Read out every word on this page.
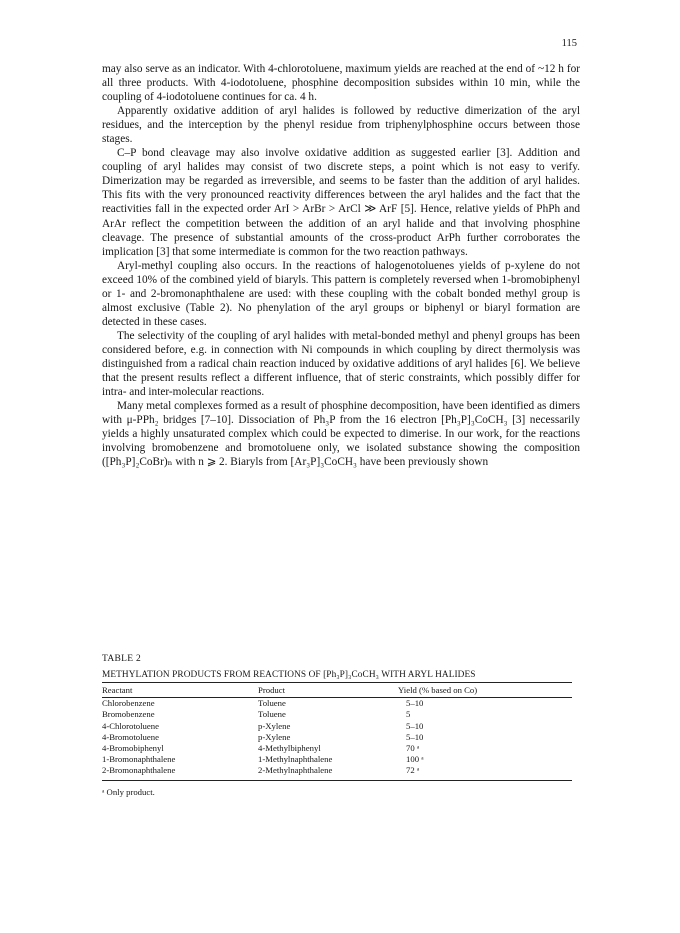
115

may also serve as an indicator. With 4-chlorotoluene, maximum yields are reached at the end of ~12 h for all three products. With 4-iodotoluene, phosphine decomposition subsides within 10 min, while the coupling of 4-iodotoluene continues for ca. 4 h.

Apparently oxidative addition of aryl halides is followed by reductive dimerization of the aryl residues, and the interception by the phenyl residue from triphenylphosphine occurs between those stages.

C–P bond cleavage may also involve oxidative addition as suggested earlier [3]. Addition and coupling of aryl halides may consist of two discrete steps, a point which is not easy to verify. Dimerization may be regarded as irreversible, and seems to be faster than the addition of aryl halides. This fits with the very pronounced reactivity differences between the aryl halides and the fact that the reactivities fall in the expected order ArI > ArBr > ArCl ≫ ArF [5]. Hence, relative yields of PhPh and ArAr reflect the competition between the addition of an aryl halide and that involving phosphine cleavage. The presence of substantial amounts of the cross-product ArPh further corroborates the implication [3] that some intermediate is common for the two reaction pathways.

Aryl-methyl coupling also occurs. In the reactions of halogenotoluenes yields of p-xylene do not exceed 10% of the combined yield of biaryls. This pattern is completely reversed when 1-bromobiphenyl or 1- and 2-bromonaphthalene are used: with these coupling with the cobalt bonded methyl group is almost exclusive (Table 2). No phenylation of the aryl groups or biphenyl or biaryl formation are detected in these cases.

The selectivity of the coupling of aryl halides with metal-bonded methyl and phenyl groups has been considered before, e.g. in connection with Ni compounds in which coupling by direct thermolysis was distinguished from a radical chain reaction induced by oxidative additions of aryl halides [6]. We believe that the present results reflect a different influence, that of steric constraints, which possibly differ for intra- and inter-molecular reactions.

Many metal complexes formed as a result of phosphine decomposition, have been identified as dimers with μ-PPh₂ bridges [7–10]. Dissociation of Ph₃P from the 16 electron [Ph₃P]₃CoCH₃ [3] necessarily yields a highly unsaturated complex which could be expected to dimerise. In our work, for the reactions involving bromobenzene and bromotoluene only, we isolated substance showing the composition ([Ph₃P]₂CoBr)ₙ with n ⩾ 2. Biaryls from [Ar₃P]₃CoCH₃ have been previously shown

TABLE 2
METHYLATION PRODUCTS FROM REACTIONS OF [Ph₃P]₃CoCH₃ WITH ARYL HALIDES
Reactant	Product	Yield (% based on Co)
Chlorobenzene	Toluene	5–10
Bromobenzene	Toluene	5
4-Chlorotoluene	p-Xylene	5–10
4-Bromotoluene	p-Xylene	5–10
4-Bromobiphenyl	4-Methylbiphenyl	70 ᵃ
1-Bromonaphthalene	1-Methylnaphthalene	100 ᵃ
2-Bromonaphthalene	2-Methylnaphthalene	72 ᵃ
ᵃ Only product.
